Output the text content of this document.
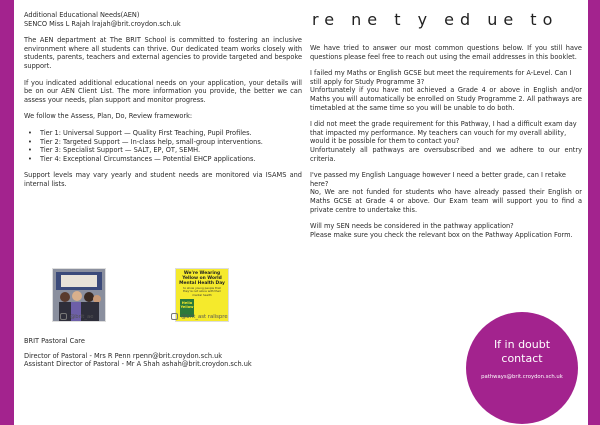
Additional Educational Needs(AEN)

SENCO Miss L Rajah lrajah@brit.croydon.sch.uk

The AEN department at The BRIT School is committed to fostering an inclusive environment where all students can thrive. Our dedicated team works closely with students, parents, teachers and external agencies to provide targeted and bespoke support.

If you indicated additional educational needs on your application, your details will be on our AEN Client List. The more information you provide, the better we can assess your needs, plan support and monitor progress.

We follow the Assess, Plan, Do, Review framework:

• Tier 1: Universal Support — Quality First Teaching, Pupil Profiles.
• Tier 2: Targeted Support — In-class help, small-group interventions.
• Tier 3: Specialist Support — SALT, EP, OT, SEMH.
• Tier 4: Exceptional Circumstances — Potential EHCP applications.

Support levels may vary yearly and student needs are monitored via ISAMS and internal lists.

@brit_ae
We're Wearing Yellow on World Mental Health Day
to show young people that they're not alone with their mental health
Hello Yellow
@brit_ast ralispre

BRIT Pastoral Care

Director of Pastoral - Mrs R Penn rpenn@brit.croydon.sch.uk
Assistant Director of Pastoral - Mr A Shah ashah@brit.croydon.sch.uk
re ne t y ed ue to

We have tried to answer our most common questions below. If you still have questions please feel free to reach out using the email addresses in this booklet.

I failed my Maths or English GCSE but meet the requirements for A-Level. Can I still apply for Study Programme 3?

Unfortunately if you have not achieved a Grade 4 or above in English and/or Maths you will automatically be enrolled on Study Programme 2. All pathways are timetabled at the same time so you will be unable to do both.

I did not meet the grade requirement for this Pathway, I had a difficult exam day that impacted my performance. My teachers can vouch for my overall ability, would it be possible for them to contact you?

Unfortunately all pathways are oversubscribed and we adhere to our entry criteria.

I've passed my English Language however I need a better grade, can I retake here?

No, We are not funded for students who have already passed their English or Maths GCSE at Grade 4 or above. Our Exam team will support you to find a private centre to undertake this.

Will my SEN needs be considered in the pathway application?

Please make sure you check the relevant box on the Pathway Application Form.

If in doubt
contact
pathways@brit.croydon.sch.uk
